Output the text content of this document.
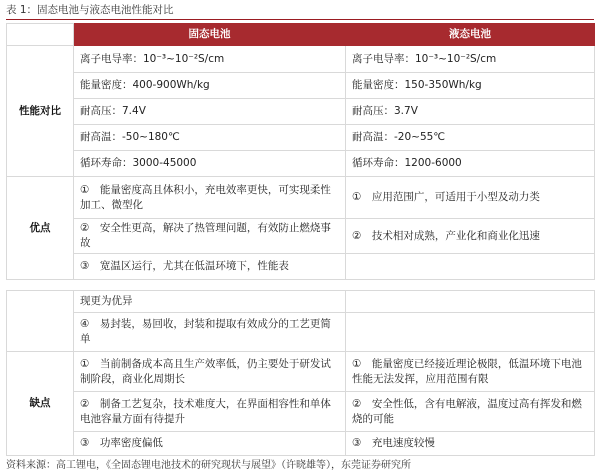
表 1：固态电池与液态电池性能对比
	固态电池	液态电池
性能对比	离子电导率：10⁻³~10⁻²S/cm	离子电导率：10⁻³~10⁻²S/cm
	能量密度：400-900Wh/kg	能量密度：150-350Wh/kg
	耐高压：7.4V	耐高压：3.7V
	耐高温：-50~180℃	耐高温：-20~55℃
	循环寿命：3000-45000	循环寿命：1200-6000
优点	①　能量密度高且体积小，充电效率更快，可实现柔性加工、微型化	①　应用范围广，可适用于小型及动力类
	②　安全性更高，解决了热管理问题，有效防止燃烧事故	②　技术相对成熟，产业化和商业化迅速
	③　宽温区运行，尤其在低温环境下，性能表	
	现更为优异	
	④　易封装，易回收，封装和提取有效成分的工艺更简单	
缺点	①　当前制备成本高且生产效率低，仍主要处于研发试制阶段，商业化周期长	①　能量密度已经接近理论极限，低温环境下电池性能无法发挥，应用范围有限
	②　制备工艺复杂，技术难度大，在界面相容性和单体电池容量方面有待提升	②　安全性低，含有电解液，温度过高有挥发和燃烧的可能
	③　功率密度偏低	③　充电速度较慢
资料来源：高工锂电，《全固态锂电池技术的研究现状与展望》（许晓雄等），东莞证券研究所
